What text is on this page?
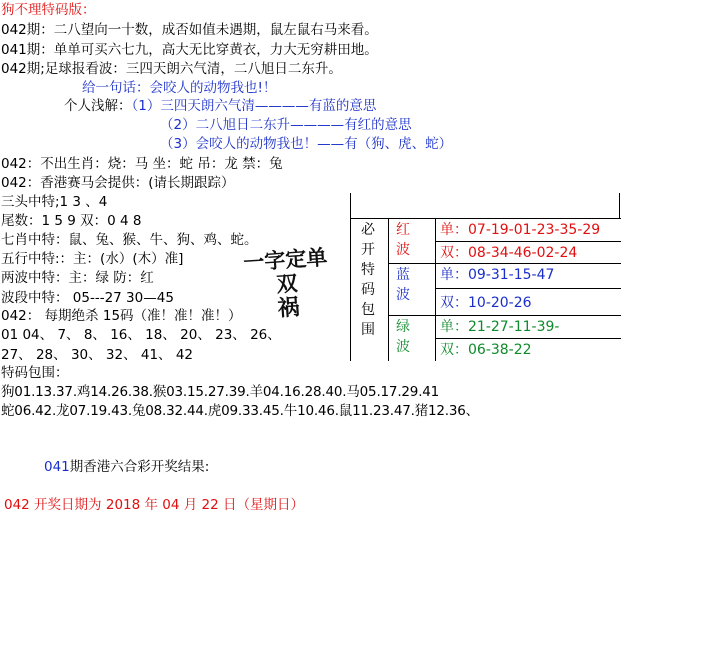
狗不理特码版：
042期：二八望向一十数，成否如值未遇期，鼠左鼠右马来看。
041期：单单可买六七九，高大无比穿黄衣，力大无穷耕田地。
042期;足球报看波：三四天朗六气清，二八旭日二东升。
给一句话：会咬人的动物我也!！
个人浅解：（1）三四天朗六气清————有蓝的意思
（2）二八旭日二东升————有红的意思
（3）会咬人的动物我也！——有（狗、虎、蛇）
042：不出生肖：烧：马 坐：蛇 吊：龙 禁：兔
042：香港赛马会提供：(请长期跟踪）
三头中特;1 3 、4
尾数：1 5 9 双：0 4 8
七肖中特：鼠、兔、猴、牛、狗、鸡、蛇。
五行中特:：主：(水）(木）准]
两波中特：主：绿 防：红
波段中特： 05---27 30—45
042： 每期绝杀 15码（准！准！准！）
01 04、 7、 8、 16、 18、 20、 23、 26、
27、 28、 30、 32、 41、 42
一字定单双
祸
必
开
特
码
包
围
红波
单：07-19-01-23-35-29
双：08-34-46-02-24
蓝波
单：09-31-15-47
双：10-20-26
绿波
单：21-27-11-39-
双：06-38-22
特码包围：
狗01.13.37.鸡14.26.38.猴03.15.27.39.羊04.16.28.40.马05.17.29.41
蛇06.42.龙07.19.43.兔08.32.44.虎09.33.45.牛10.46.鼠11.23.47.猪12.36、
041期香港六合彩开奖结果:
042 开奖日期为 2018 年 04 月 22 日（星期日）
